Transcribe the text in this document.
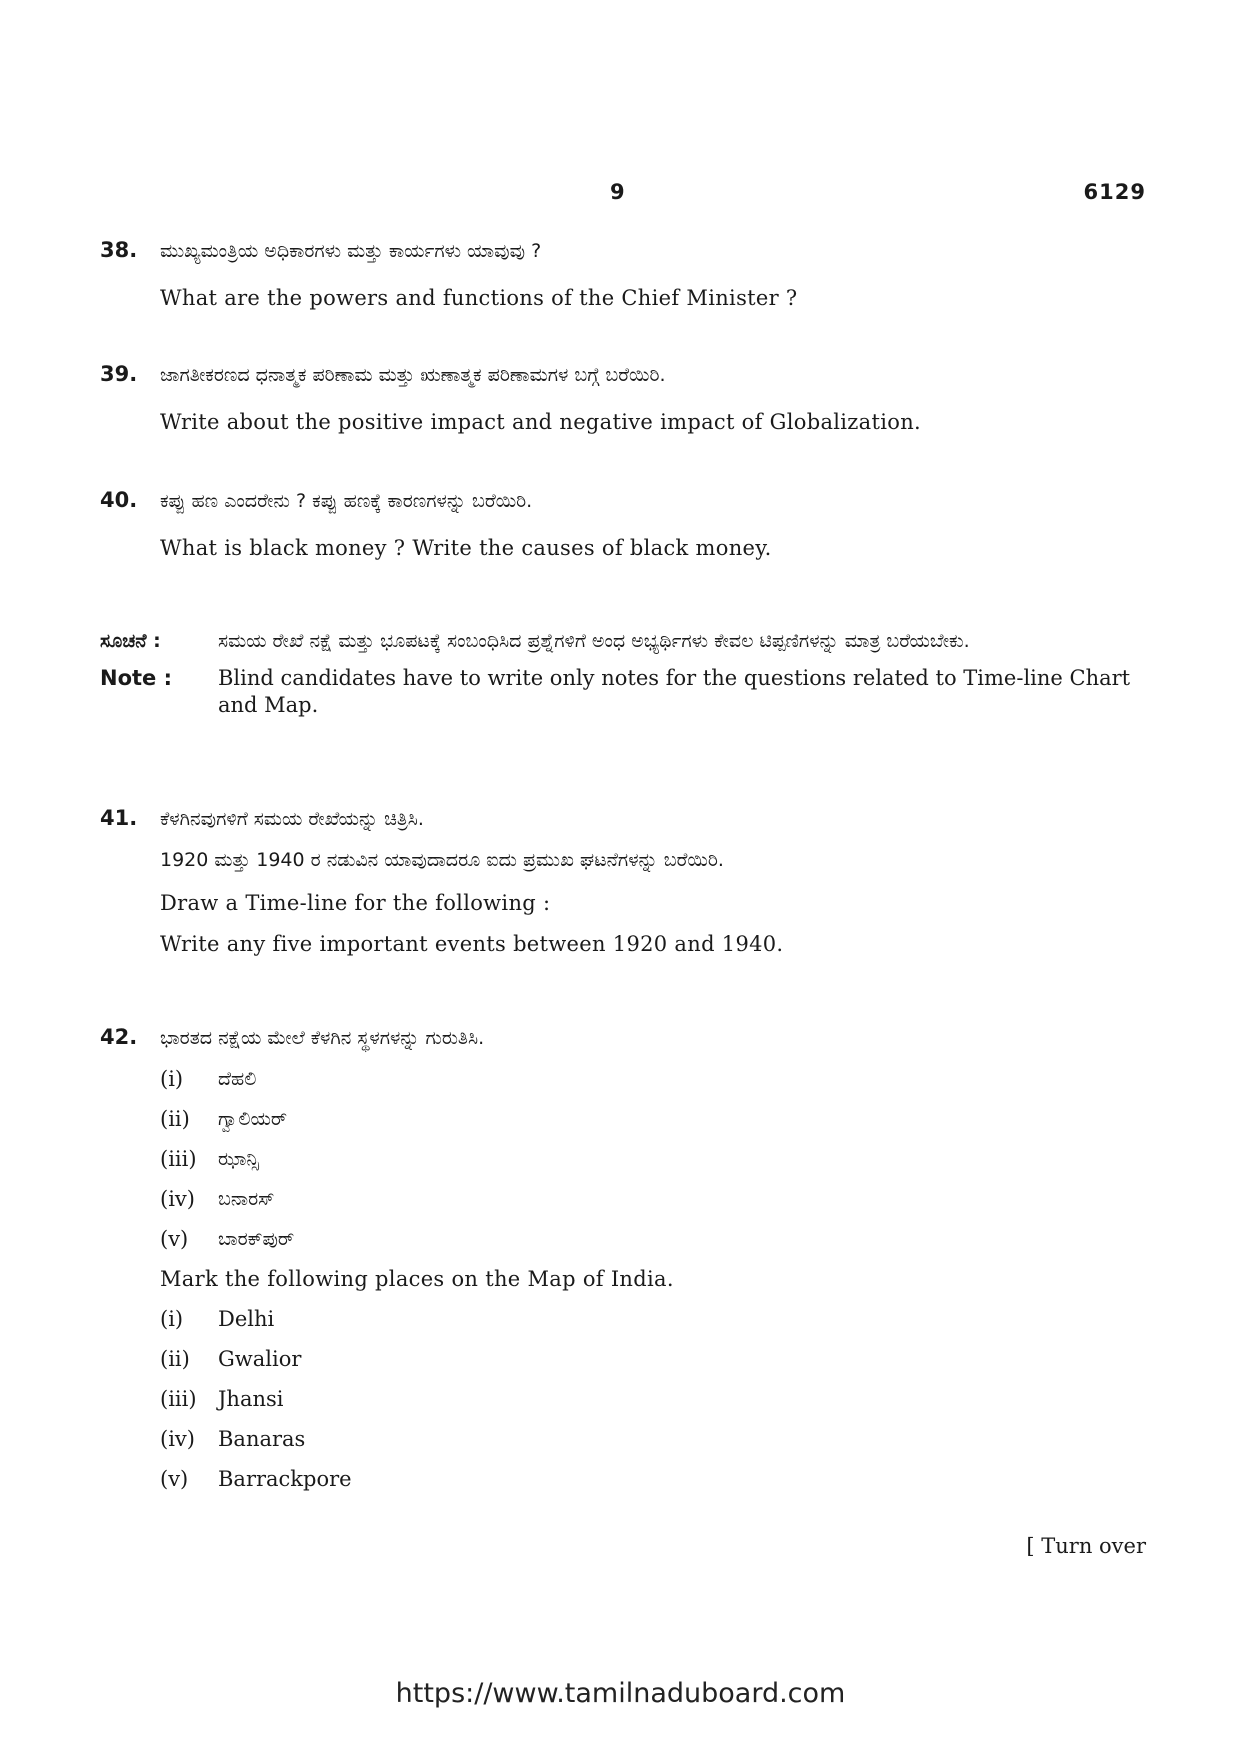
9	6129
38. ಮುಖ್ಯಮಂತ್ರಿಯ ಅಧಿಕಾರಗಳು ಮತ್ತು ಕಾರ್ಯಗಳು ಯಾವುವು ?
What are the powers and functions of the Chief Minister ?
39. ಜಾಗತೀಕರಣದ ಧನಾತ್ಮಕ ಪರಿಣಾಮ ಮತ್ತು ಋಣಾತ್ಮಕ ಪರಿಣಾಮಗಳ ಬಗ್ಗೆ ಬರೆಯಿರಿ.
Write about the positive impact and negative impact of Globalization.
40. ಕಪ್ಪು ಹಣ ಎಂದರೇನು ? ಕಪ್ಪು ಹಣಕ್ಕೆ ಕಾರಣಗಳನ್ನು ಬರೆಯಿರಿ.
What is black money ? Write the causes of black money.
ಸೂಚನೆ :	ಸಮಯ ರೇಖೆ ನಕ್ಷೆ ಮತ್ತು ಭೂಪಟಕ್ಕೆ ಸಂಬಂಧಿಸಿದ ಪ್ರಶ್ನೆಗಳಿಗೆ ಅಂಧ ಅಭ್ಯರ್ಥಿಗಳು ಕೇವಲ ಟಿಪ್ಪಣಿಗಳನ್ನು ಮಾತ್ರ ಬರೆಯಬೇಕು.
Note :	Blind candidates have to write only notes for the questions related to Time-line Chart and Map.
41. ಕೆಳಗಿನವುಗಳಿಗೆ ಸಮಯ ರೇಖೆಯನ್ನು ಚಿತ್ರಿಸಿ.
1920 ಮತ್ತು 1940 ರ ನಡುವಿನ ಯಾವುದಾದರೂ ಐದು ಪ್ರಮುಖ ಘಟನೆಗಳನ್ನು ಬರೆಯಿರಿ.
Draw a Time-line for the following :
Write any five important events between 1920 and 1940.
42. ಭಾರತದ ನಕ್ಷೆಯ ಮೇಲೆ ಕೆಳಗಿನ ಸ್ಥಳಗಳನ್ನು ಗುರುತಿಸಿ.
(i)	ದೆಹಲಿ
(ii)	ಗ್ವಾಲಿಯರ್
(iii)	ಝಾನ್ಸಿ
(iv)	ಬನಾರಸ್
(v)	ಬಾರಕ್‌ಪುರ್
Mark the following places on the Map of India.
(i)	Delhi
(ii)	Gwalior
(iii)	Jhansi
(iv)	Banaras
(v)	Barrackpore
[ Turn over
https://www.tamilnaduboard.com
